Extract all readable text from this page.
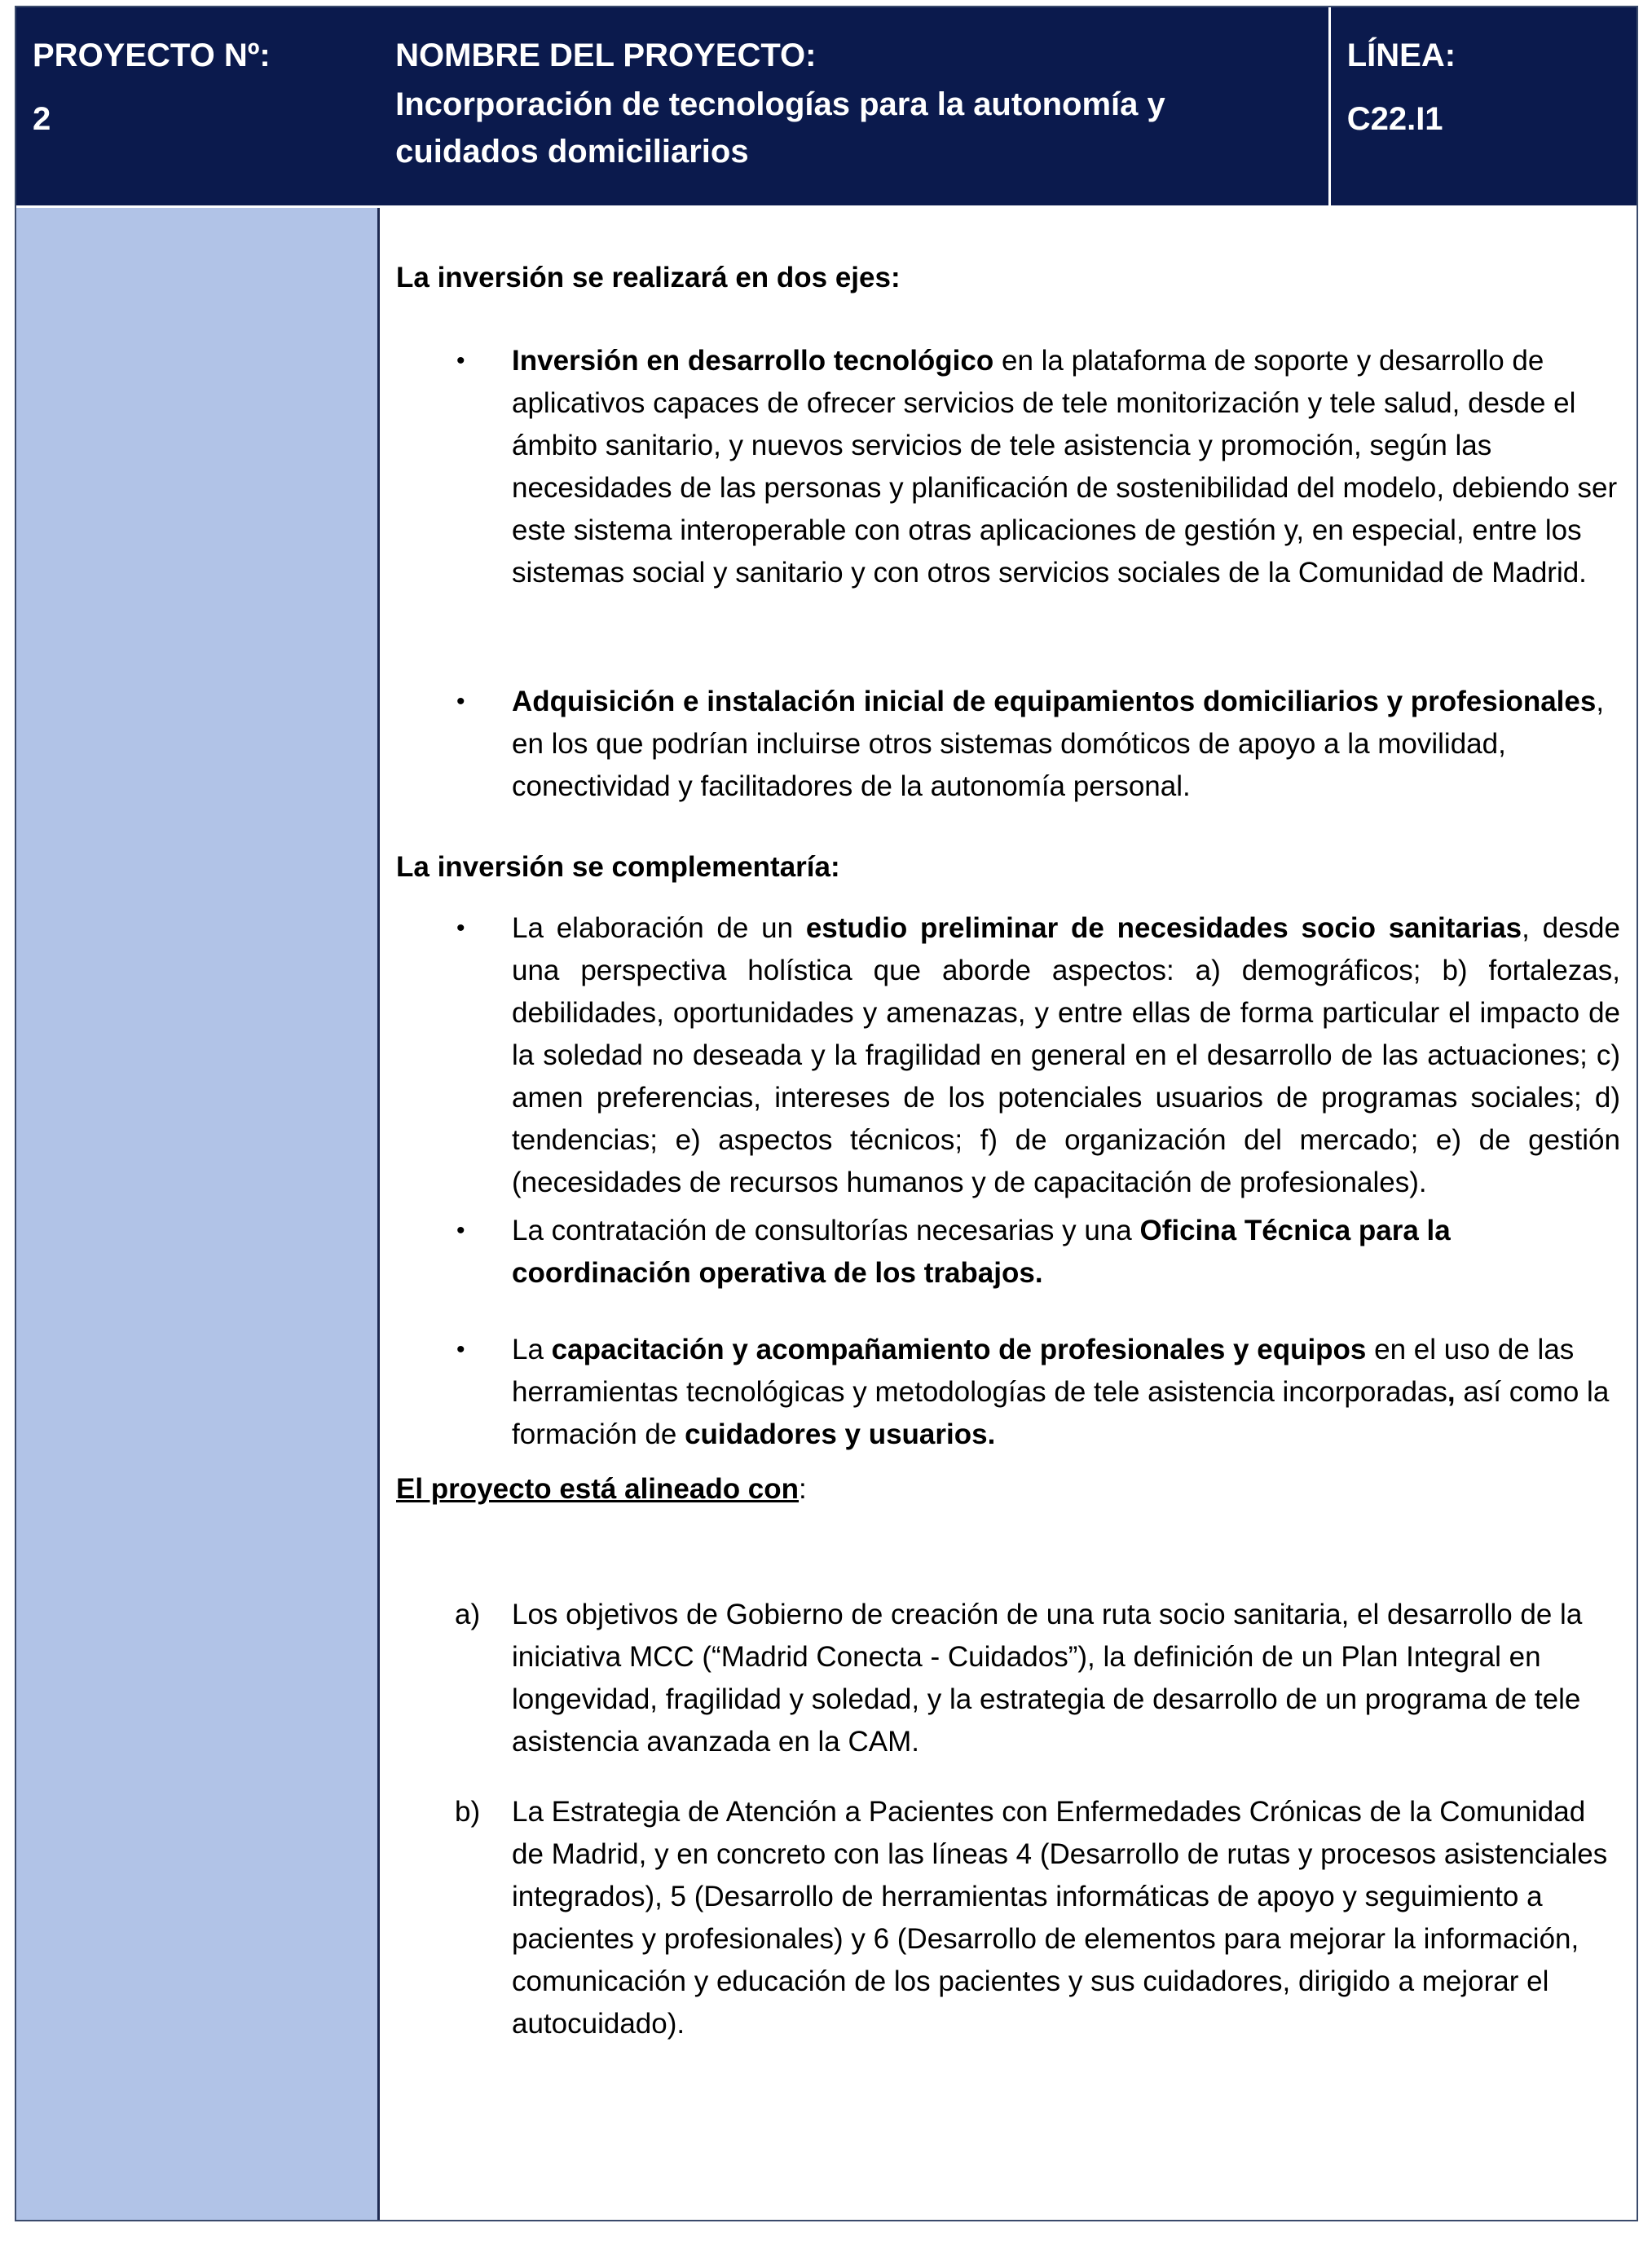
PROYECTO Nº:
2
NOMBRE DEL PROYECTO:
Incorporación de tecnologías para la autonomía y cuidados domiciliarios
LÍNEA:
C22.I1

La inversión se realizará en dos ejes:

• Inversión en desarrollo tecnológico en la plataforma de soporte y desarrollo de aplicativos capaces de ofrecer servicios de tele monitorización y tele salud, desde el ámbito sanitario, y nuevos servicios de tele asistencia y promoción, según las necesidades de las personas y planificación de sostenibilidad del modelo, debiendo ser este sistema interoperable con otras aplicaciones de gestión y, en especial, entre los sistemas social y sanitario y con otros servicios sociales de la Comunidad de Madrid.
• Adquisición e instalación inicial de equipamientos domiciliarios y profesionales, en los que podrían incluirse otros sistemas domóticos de apoyo a la movilidad, conectividad y facilitadores de la autonomía personal.

La inversión se complementaría:

• La elaboración de un estudio preliminar de necesidades socio sanitarias, desde una perspectiva holística que aborde aspectos: a) demográficos; b) fortalezas, debilidades, oportunidades y amenazas, y entre ellas de forma particular el impacto de la soledad no deseada y la fragilidad en general en el desarrollo de las actuaciones; c) amen preferencias, intereses de los potenciales usuarios de programas sociales; d) tendencias; e) aspectos técnicos; f) de organización del mercado; e) de gestión (necesidades de recursos humanos y de capacitación de profesionales).
• La contratación de consultorías necesarias y una Oficina Técnica para la coordinación operativa de los trabajos.
• La capacitación y acompañamiento de profesionales y equipos en el uso de las herramientas tecnológicas y metodologías de tele asistencia incorporadas, así como la formación de cuidadores y usuarios.

El proyecto está alineado con:

a) Los objetivos de Gobierno de creación de una ruta socio sanitaria, el desarrollo de la iniciativa MCC (“Madrid Conecta - Cuidados”), la definición de un Plan Integral en longevidad, fragilidad y soledad, y la estrategia de desarrollo de un programa de tele asistencia avanzada en la CAM.
b) La Estrategia de Atención a Pacientes con Enfermedades Crónicas de la Comunidad de Madrid, y en concreto con las líneas 4 (Desarrollo de rutas y procesos asistenciales integrados), 5 (Desarrollo de herramientas informáticas de apoyo y seguimiento a pacientes y profesionales) y 6 (Desarrollo de elementos para mejorar la información, comunicación y educación de los pacientes y sus cuidadores, dirigido a mejorar el autocuidado).
